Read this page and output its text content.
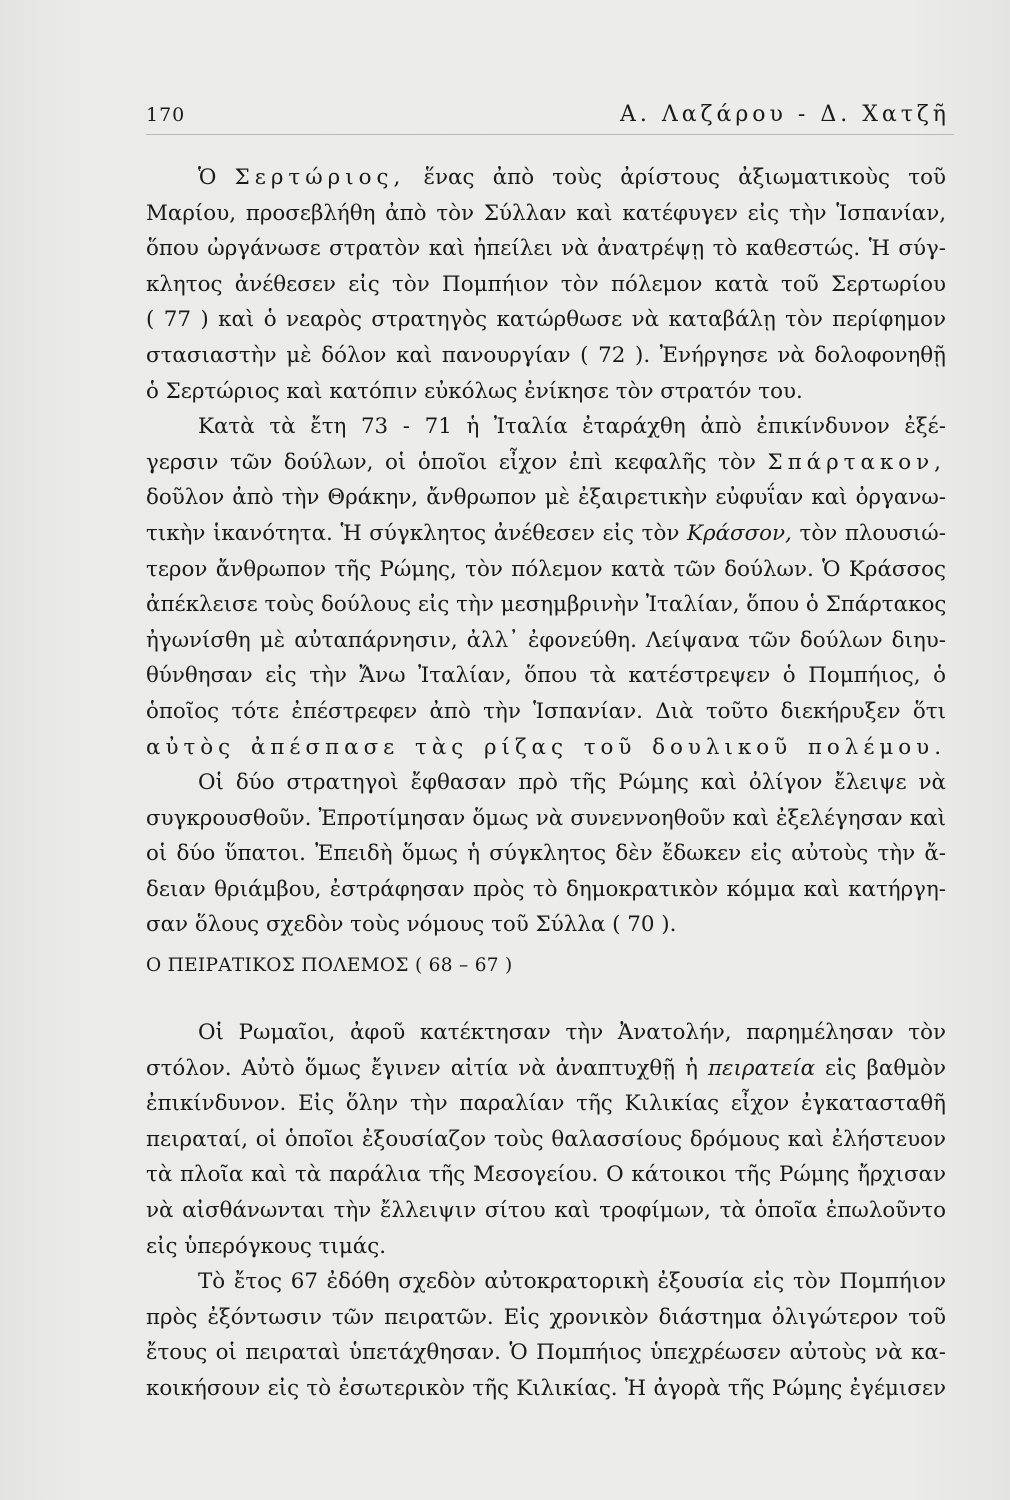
170	Α. Λαζάρου - Δ. Χατζῆ
Ὁ Σερτώριος, ἕνας ἀπὸ τοὺς ἀρίστους ἀξιωματικοὺς τοῦ
Μαρίου, προσεβλήθη ἀπὸ τὸν Σύλλαν καὶ κατέφυγεν εἰς τὴν Ἱσπανίαν,
ὅπου ὠργάνωσε στρατὸν καὶ ἠπείλει νὰ ἀνατρέψῃ τὸ καθεστώς. Ἡ σύγ-
κλητος ἀνέθεσεν εἰς τὸν Πομπήιον τὸν πόλεμον κατὰ τοῦ Σερτωρίου
( 77 ) καὶ ὁ νεαρὸς στρατηγὸς κατώρθωσε νὰ καταβάλῃ τὸν περίφημον
στασιαστὴν μὲ δόλον καὶ πανουργίαν ( 72 ). Ἐνήργησε νὰ δολοφονηθῇ
ὁ Σερτώριος καὶ κατόπιν εὐκόλως ἐνίκησε τὸν στρατόν του.
Κατὰ τὰ ἔτη 73 - 71 ἡ Ἰταλία ἐταράχθη ἀπὸ ἐπικίνδυνον ἐξέ-
γερσιν τῶν δούλων, οἱ ὁποῖοι εἶχον ἐπὶ κεφαλῆς τὸν Σπάρτακον,
δοῦλον ἀπὸ τὴν Θράκην, ἄνθρωπον μὲ ἐξαιρετικὴν εὐφυΐαν καὶ ὀργανω-
τικὴν ἱκανότητα. Ἡ σύγκλητος ἀνέθεσεν εἰς τὸν Κράσσον, τὸν πλουσιώ-
τερον ἄνθρωπον τῆς Ρώμης, τὸν πόλεμον κατὰ τῶν δούλων. Ὁ Κράσσος
ἀπέκλεισε τοὺς δούλους εἰς τὴν μεσημβρινὴν Ἰταλίαν, ὅπου ὁ Σπάρτακος
ἠγωνίσθη μὲ αὐταπάρνησιν, ἀλλ᾿ ἐφονεύθη. Λείψανα τῶν δούλων διηυ-
θύνθησαν εἰς τὴν Ἄνω Ἰταλίαν, ὅπου τὰ κατέστρεψεν ὁ Πομπήιος, ὁ
ὁποῖος τότε ἐπέστρεφεν ἀπὸ τὴν Ἱσπανίαν. Διὰ τοῦτο διεκήρυξεν ὅτι
αὐτὸς ἀπέσπασε τὰς ρίζας τοῦ δουλικοῦ πολέμου.
Οἱ δύο στρατηγοὶ ἔφθασαν πρὸ τῆς Ρώμης καὶ ὀλίγον ἔλειψε νὰ
συγκρουσθοῦν. Ἐπροτίμησαν ὅμως νὰ συνεννοηθοῦν καὶ ἐξελέγησαν καὶ
οἱ δύο ὕπατοι. Ἐπειδὴ ὅμως ἡ σύγκλητος δὲν ἔδωκεν εἰς αὐτοὺς τὴν ἄ-
δειαν θριάμβου, ἐστράφησαν πρὸς τὸ δημοκρατικὸν κόμμα καὶ κατήργη-
σαν ὅλους σχεδὸν τοὺς νόμους τοῦ Σύλλα ( 70 ).
Ο ΠΕΙΡΑΤΙΚΟΣ ΠΟΛΕΜΟΣ ( 68 – 67 )
Οἱ Ρωμαῖοι, ἀφοῦ κατέκτησαν τὴν Ἀνατολήν, παρημέλησαν τὸν
στόλον. Αὐτὸ ὅμως ἔγινεν αἰτία νὰ ἀναπτυχθῇ ἡ πειρατεία εἰς βαθμὸν
ἐπικίνδυνον. Εἰς ὅλην τὴν παραλίαν τῆς Κιλικίας εἶχον ἐγκατασταθῆ
πειραταί, οἱ ὁποῖοι ἐξουσίαζον τοὺς θαλασσίους δρόμους καὶ ἐλήστευον
τὰ πλοῖα καὶ τὰ παράλια τῆς Μεσογείου. Ο κάτοικοι τῆς Ρώμης ἤρχισαν
νὰ αἰσθάνωνται τὴν ἔλλειψιν σίτου καὶ τροφίμων, τὰ ὁποῖα ἐπωλοῦντο
εἰς ὑπερόγκους τιμάς.
Τὸ ἔτος 67 ἐδόθη σχεδὸν αὐτοκρατορικὴ ἐξουσία εἰς τὸν Πομπήιον
πρὸς ἐξόντωσιν τῶν πειρατῶν. Εἰς χρονικὸν διάστημα ὀλιγώτερον τοῦ
ἔτους οἱ πειραταὶ ὑπετάχθησαν. Ὁ Πομπήιος ὑπεχρέωσεν αὐτοὺς νὰ κα-
κοικήσουν εἰς τὸ ἐσωτερικὸν τῆς Κιλικίας. Ἡ ἀγορὰ τῆς Ρώμης ἐγέμισεν
